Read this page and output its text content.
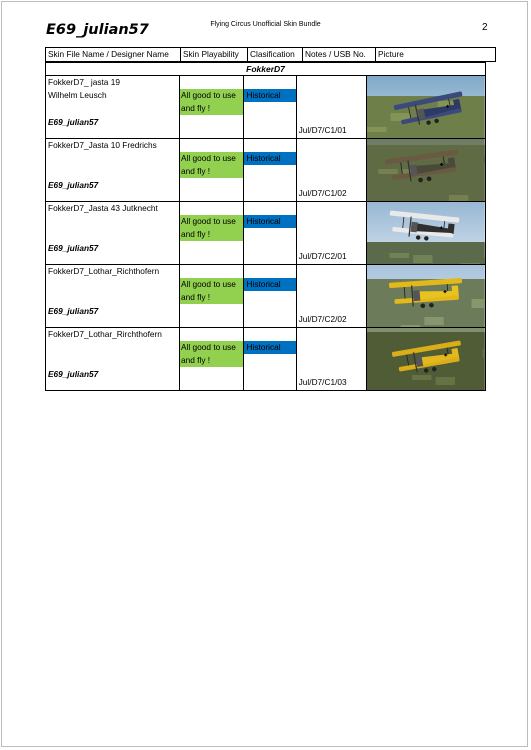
E69_julian57	Flying Circus Unofficial Skin Bundle	2
Skin File Name / Designer Name	Skin Playability	Clasification	Notes / USB No.	Picture
FokkerD7
FokkerD7_ jasta 19
Wilhelm Leusch
E69_julian57	All good to use and fly !	Historical	Jul/D7/C1/01

FokkerD7_Jasta 10 Fredrichs
E69_julian57	All good to use and fly !	Historical	Jul/D7/C1/02

FokkerD7_Jasta 43 Jutknecht
E69_julian57	All good to use and fly !	Historical	Jul/D7/C2/01

FokkerD7_Lothar_Richthofern
E69_julian57	All good to use and fly !	Historical	Jul/D7/C2/02

FokkerD7_Lothar_Rirchthofern
E69_julian57	All good to use and fly !	Historical	Jul/D7/C1/03
